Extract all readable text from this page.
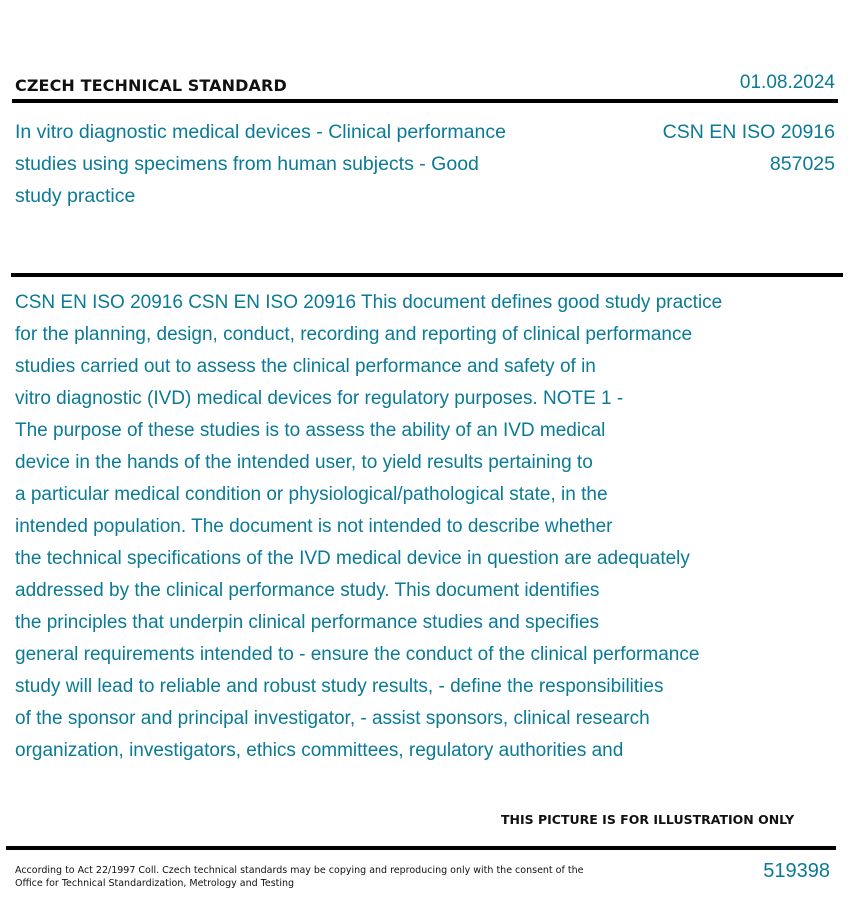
CZECH TECHNICAL STANDARD	01.08.2024
In vitro diagnostic medical devices - Clinical performance studies using specimens from human subjects - Good study practice
CSN EN ISO 20916
857025
CSN EN ISO 20916 CSN EN ISO 20916 This document defines good study practice
for the planning, design, conduct, recording and reporting of clinical performance
studies carried out to assess the clinical performance and safety of in
vitro diagnostic (IVD) medical devices for regulatory purposes. NOTE 1 -
The purpose of these studies is to assess the ability of an IVD medical
device in the hands of the intended user, to yield results pertaining to
a particular medical condition or physiological/pathological state, in the
intended population. The document is not intended to describe whether
the technical specifications of the IVD medical device in question are adequately
addressed by the clinical performance study. This document identifies
the principles that underpin clinical performance studies and specifies
general requirements intended to - ensure the conduct of the clinical performance
study will lead to reliable and robust study results, - define the responsibilities
of the sponsor and principal investigator, - assist sponsors, clinical research
organization, investigators, ethics committees, regulatory authorities and
THIS PICTURE IS FOR ILLUSTRATION ONLY
According to Act 22/1997 Coll. Czech technical standards may be copying and reproducing only with the consent of the Office for Technical Standardization, Metrology and Testing
519398
